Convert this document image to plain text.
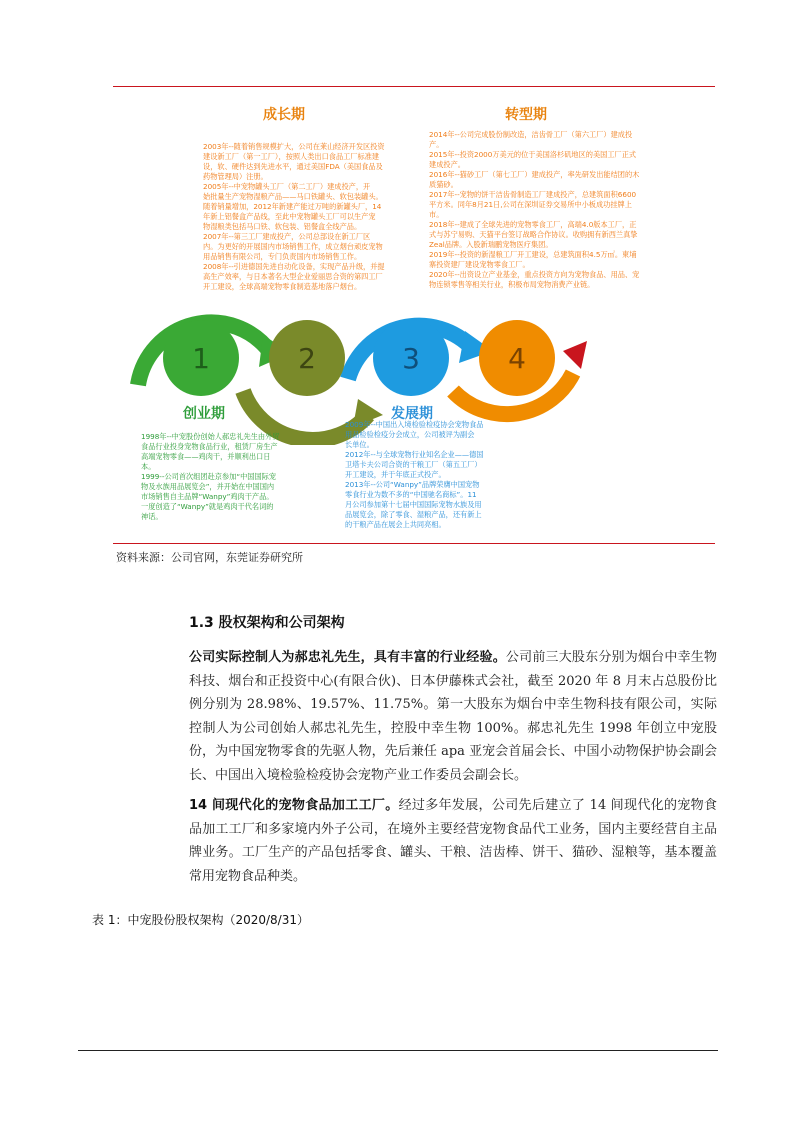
成长期
2003年--随着销售规模扩大，公司在莱山经济开发区投资
建设新工厂（第一工厂），按照人类出口食品工厂标准建
设，软、硬件达到先进水平，通过美国FDA（美国食品及
药物管理局）注册。
2005年--中宠物罐头工厂（第二工厂）建成投产，开
始批量生产宠物湿粮产品——马口铁罐头、软包装罐头。
随着销量增加，2012年新建产能过万吨的新罐头厂，14
年新上铝餐盒产品线，至此中宠物罐头工厂可以生产宠
物湿粮类包括马口铁、软包装、铝餐盒全线产品。
2007年--第三工厂建成投产，公司总部设在新工厂区
内。为更好的开展国内市场销售工作，成立烟台顽皮宠物
用品销售有限公司，专门负责国内市场销售工作。
2008年--引进德国先进自动化设备，实现产品升级，并提
高生产效率，与日本著名大型企业爱丽思合资的第四工厂
开工建设，全球高端宠物零食制造基地落户烟台。
转型期
2014年--公司完成股份制改造，洁齿骨工厂（第六工厂）建成投
产。
2015年--投资2000万美元的位于美国洛杉矶地区的美国工厂正式
建成投产。
2016年--猫砂工厂（第七工厂）建成投产，率先研发出能结团的木
质猫砂。
2017年--宠物的饼干洁齿骨制造工厂建成投产，总建筑面积6600
平方米。同年8月21日,公司在深圳证券交易所中小板成功挂牌上
市。
2018年--建成了全球先进的宠物零食工厂，高端4.0版本工厂，正
式与苏宁易购、天猫平台签订战略合作协议。收购拥有新西兰真挚
Zeal品牌。入股新瑞鹏宠物医疗集团。
2019年--投资的新湿粮工厂开工建设，总建筑面积4.5万㎡。柬埔
寨投资建厂建设宠物零食工厂。
2020年--出资设立产业基金，重点投资方向为宠物食品、用品、宠
物连锁零售等相关行业，积极布局宠物消费产业链。
1	2	3	4
创业期
1998年--中宠股份创始人郝忠礼先生由外贸
食品行业投身宠物食品行业，租赁厂房生产
高端宠物零食——鸡肉干，并顺利出口日
本。
1999--公司首次组团赴京参加“中国国际宠
物及水族用品展览会”，并开始在中国国内
市场销售自主品牌“Wanpy”鸡肉干产品。
一度创造了“Wanpy”就是鸡肉干代名词的
神话。
发展期
2009年--中国出入境检验检疫协会宠物食品
用品检验检疫分会成立，公司被评为副会
长单位。
2012年--与全球宠物行业知名企业——德国
卫塔卡夫公司合资的干粮工厂（第五工厂）
开工建设，并于年底正式投产。
2013年--公司“Wanpy”品牌荣膺中国宠物
零食行业为数不多的“中国驰名商标”。11
月公司参加第十七届中国国际宠物水族及用
品展览会，除了零食、湿粮产品，还有新上
的干粮产品在展会上共同亮相。
资料来源：公司官网，东莞证券研究所
1.3 股权架构和公司架构
公司实际控制人为郝忠礼先生，具有丰富的行业经验。公司前三大股东分别为烟台中幸生物科技、烟台和正投资中心(有限合伙)、日本伊藤株式会社，截至 2020 年 8 月末占总股份比例分别为 28.98%、19.57%、11.75%。第一大股东为烟台中幸生物科技有限公司，实际控制人为公司创始人郝忠礼先生，控股中幸生物 100%。郝忠礼先生 1998 年创立中宠股份，为中国宠物零食的先驱人物，先后兼任 apa 亚宠会首届会长、中国小动物保护协会副会长、中国出入境检验检疫协会宠物产业工作委员会副会长。
14 间现代化的宠物食品加工工厂。经过多年发展，公司先后建立了 14 间现代化的宠物食品加工工厂和多家境内外子公司，在境外主要经营宠物食品代工业务，国内主要经营自主品牌业务。工厂生产的产品包括零食、罐头、干粮、洁齿棒、饼干、猫砂、湿粮等，基本覆盖常用宠物食品种类。
表 1：中宠股份股权架构（2020/8/31）
